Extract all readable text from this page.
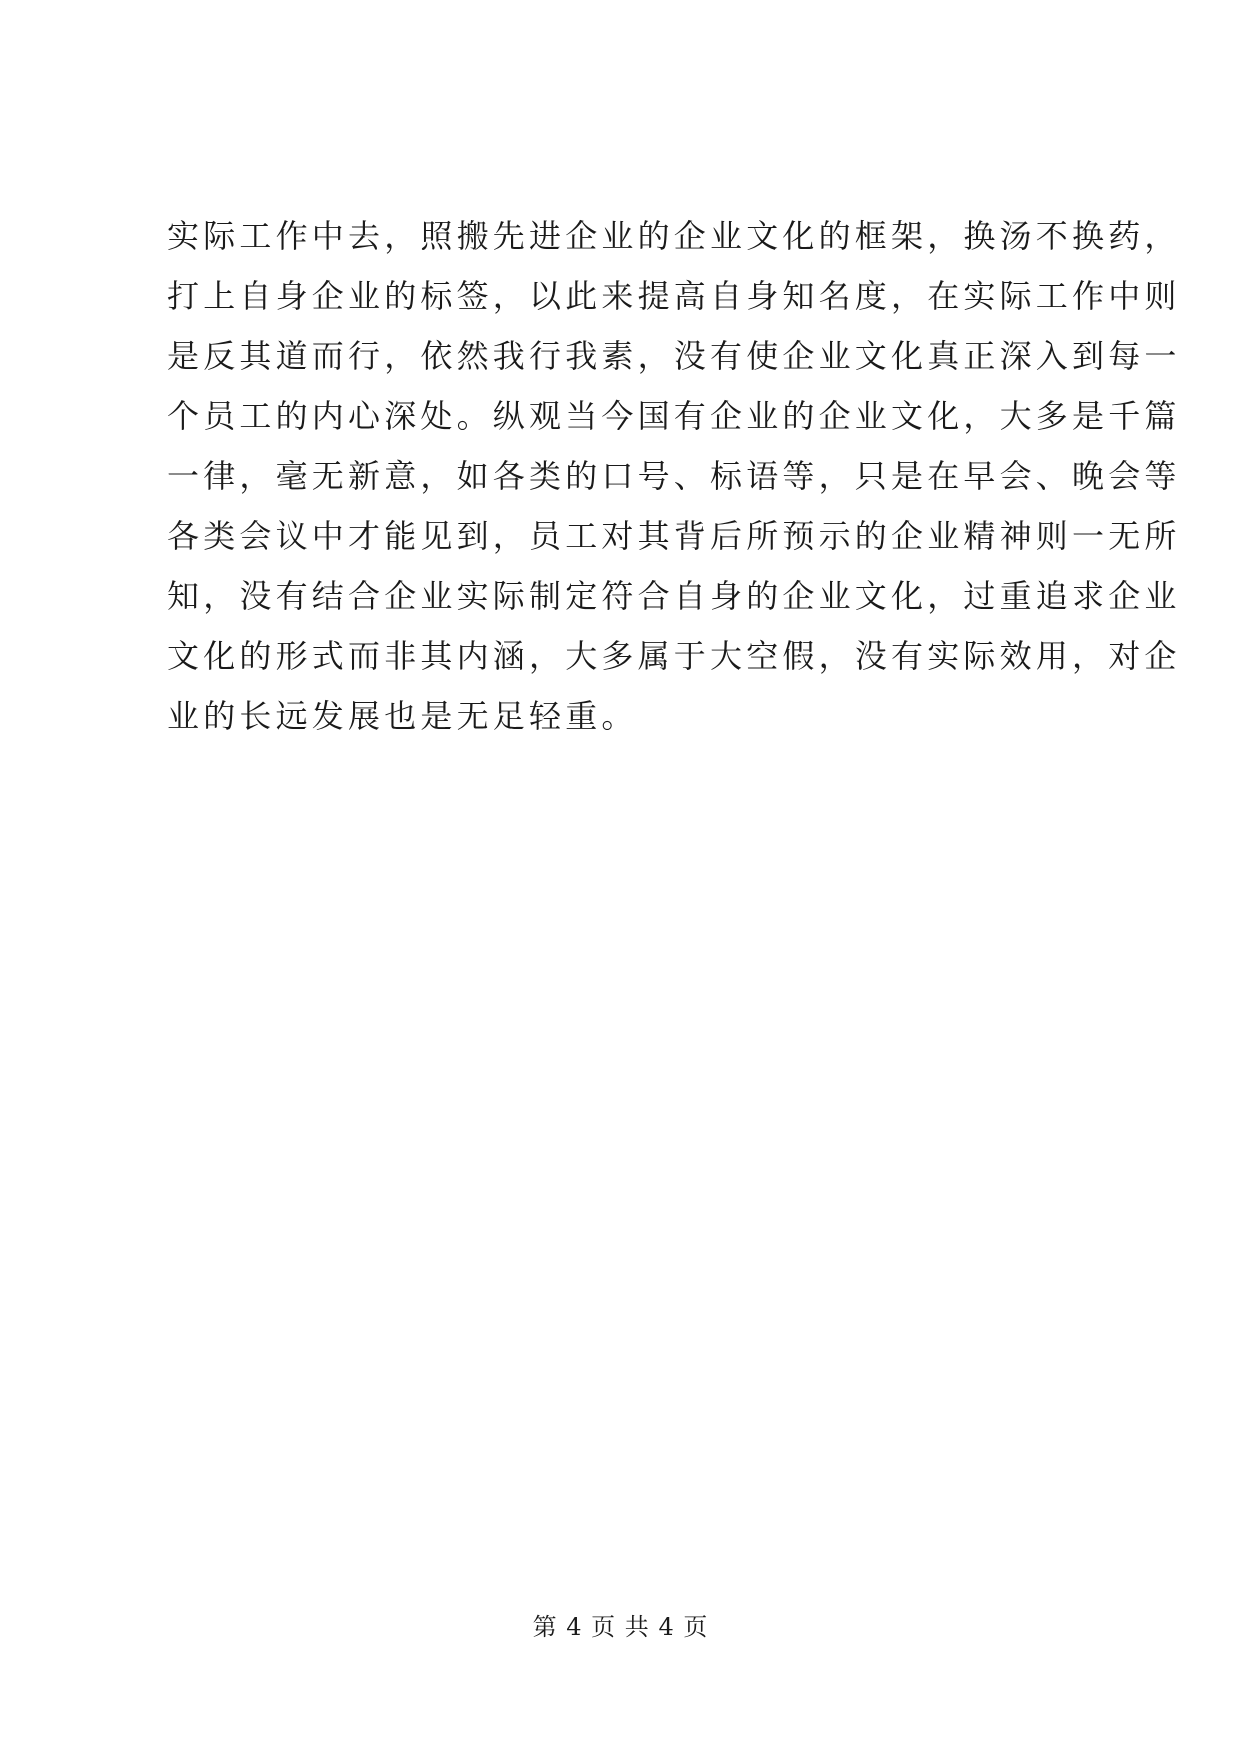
实际工作中去，照搬先进企业的企业文化的框架，换汤不换药，
打上自身企业的标签，以此来提高自身知名度，在实际工作中则
是反其道而行，依然我行我素，没有使企业文化真正深入到每一
个员工的内心深处。纵观当今国有企业的企业文化，大多是千篇
一律，毫无新意，如各类的口号、标语等，只是在早会、晚会等
各类会议中才能见到，员工对其背后所预示的企业精神则一无所
知，没有结合企业实际制定符合自身的企业文化，过重追求企业
文化的形式而非其内涵，大多属于大空假，没有实际效用，对企
业的长远发展也是无足轻重。
第 4 页 共 4 页
